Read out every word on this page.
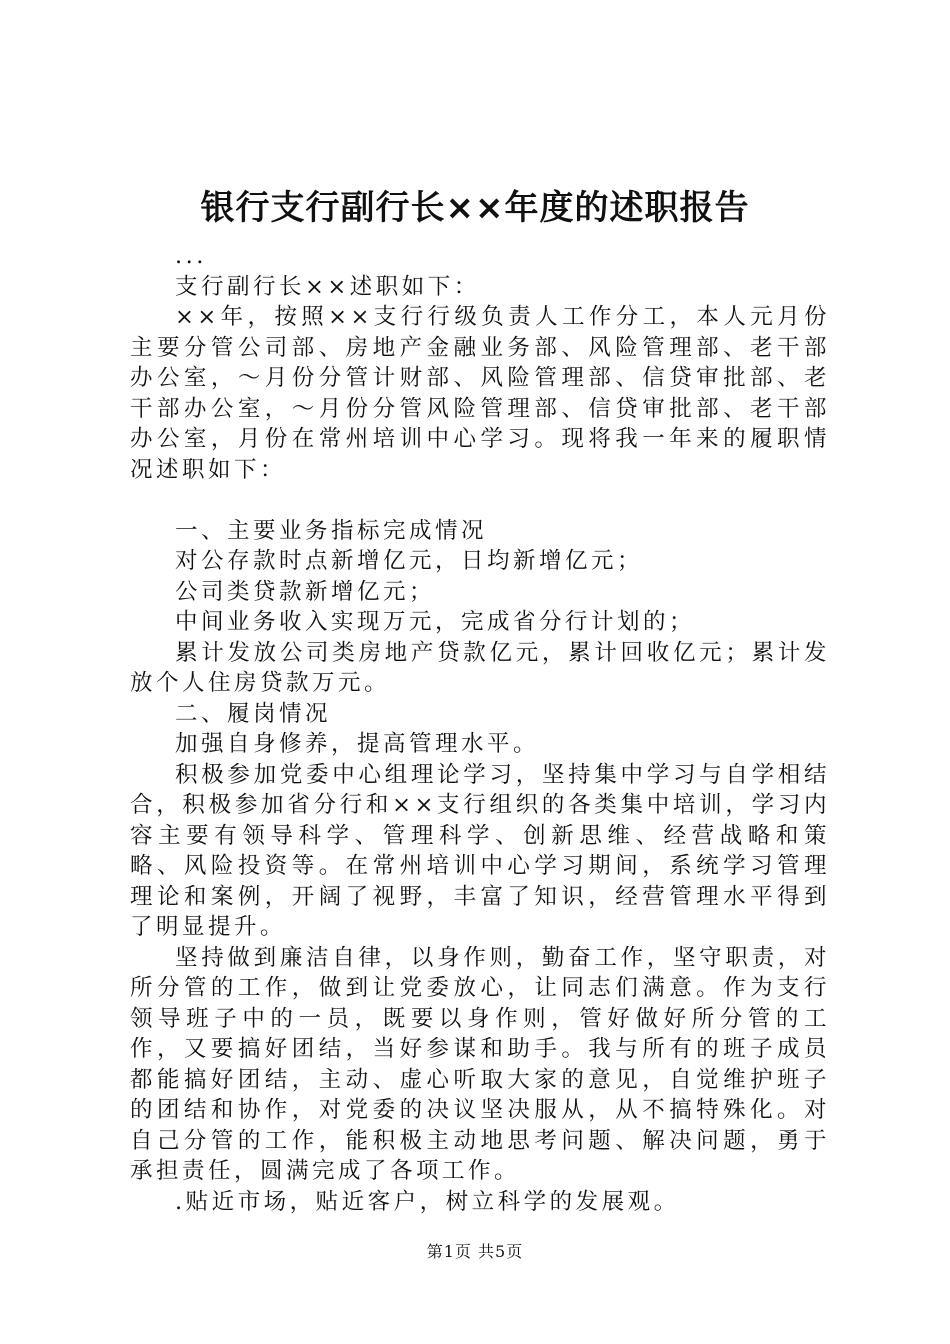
银行支行副行长××年度的述职报告

...

支行副行长××述职如下：

××年，按照××支行行级负责人工作分工，本人元月份主要分管公司部、房地产金融业务部、风险管理部、老干部办公室，～月份分管计财部、风险管理部、信贷审批部、老干部办公室，～月份分管风险管理部、信贷审批部、老干部办公室，月份在常州培训中心学习。现将我一年来的履职情况述职如下：

一、主要业务指标完成情况

对公存款时点新增亿元，日均新增亿元；

公司类贷款新增亿元；

中间业务收入实现万元，完成省分行计划的；

累计发放公司类房地产贷款亿元，累计回收亿元；累计发放个人住房贷款万元。

二、履岗情况

加强自身修养，提高管理水平。

积极参加党委中心组理论学习，坚持集中学习与自学相结合，积极参加省分行和××支行组织的各类集中培训，学习内容主要有领导科学、管理科学、创新思维、经营战略和策略、风险投资等。在常州培训中心学习期间，系统学习管理理论和案例，开阔了视野，丰富了知识，经营管理水平得到了明显提升。

坚持做到廉洁自律，以身作则，勤奋工作，坚守职责，对所分管的工作，做到让党委放心，让同志们满意。作为支行领导班子中的一员，既要以身作则，管好做好所分管的工作，又要搞好团结，当好参谋和助手。我与所有的班子成员都能搞好团结，主动、虚心听取大家的意见，自觉维护班子的团结和协作，对党委的决议坚决服从，从不搞特殊化。对自己分管的工作，能积极主动地思考问题、解决问题，勇于承担责任，圆满完成了各项工作。

.贴近市场，贴近客户，树立科学的发展观。

第1页 共5页
